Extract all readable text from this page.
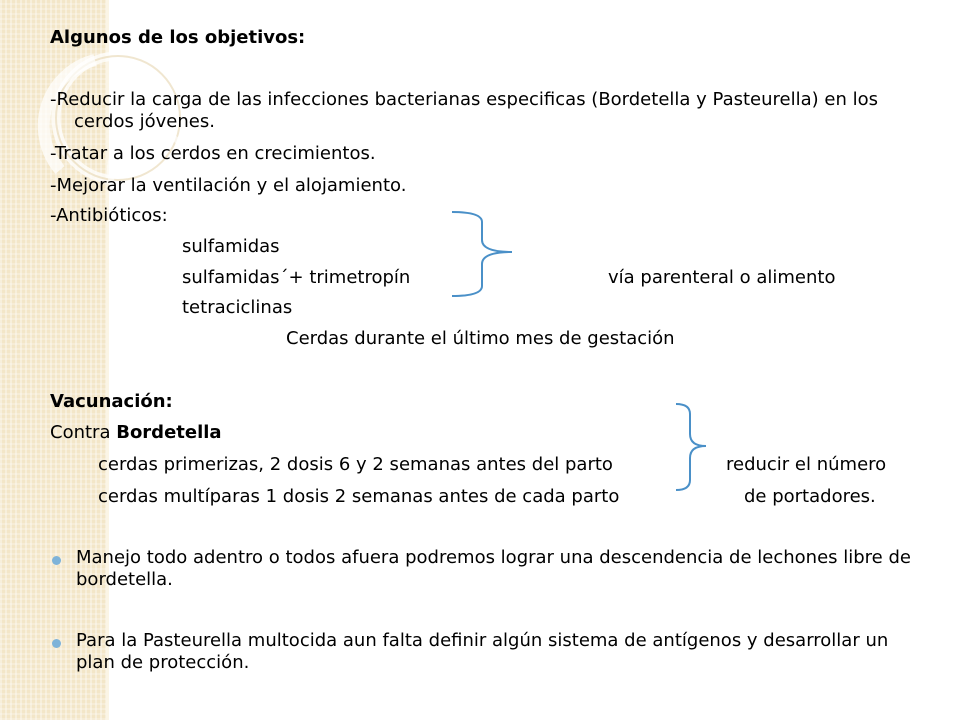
Algunos de los objetivos:

-Reducir la carga de las infecciones bacterianas especificas (Bordetella y Pasteurella) en los cerdos jóvenes.

-Tratar a los cerdos en crecimientos.

-Mejorar la ventilación y el alojamiento.

-Antibióticos:

sulfamidas

sulfamidas´+ trimetropín

tetraciclinas

vía parenteral o alimento

Cerdas durante el último mes de gestación

Vacunación:

Contra Bordetella

cerdas primerizas, 2 dosis 6 y 2 semanas antes del parto

cerdas multíparas 1 dosis 2 semanas antes de cada parto

reducir el número

de portadores.

Manejo todo adentro o todos afuera podremos lograr una descendencia de lechones libre de bordetella.

Para la Pasteurella multocida aun falta definir algún sistema de antígenos y desarrollar un plan de protección.
